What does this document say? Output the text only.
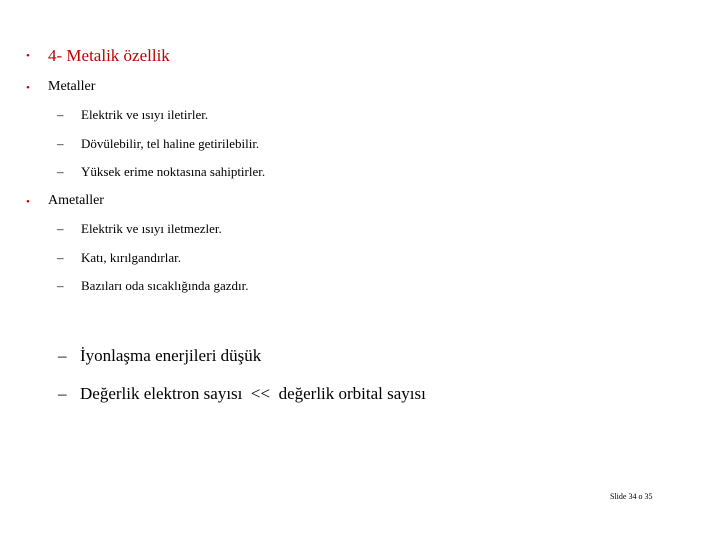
• 4- Metalik özellik
• Metaller
– Elektrik ve ısıyı iletirler.
– Dövülebilir, tel haline getirilebilir.
– Yüksek erime noktasına sahiptirler.
• Ametaller
– Elektrik ve ısıyı iletmezler.
– Katı, kırılgandırlar.
– Bazıları oda sıcaklığında gazdır.
– İyonlaşma enerjileri düşük
– Değerlik elektron sayısı  <<  değerlik orbital sayısı
Slide 34 o 35
